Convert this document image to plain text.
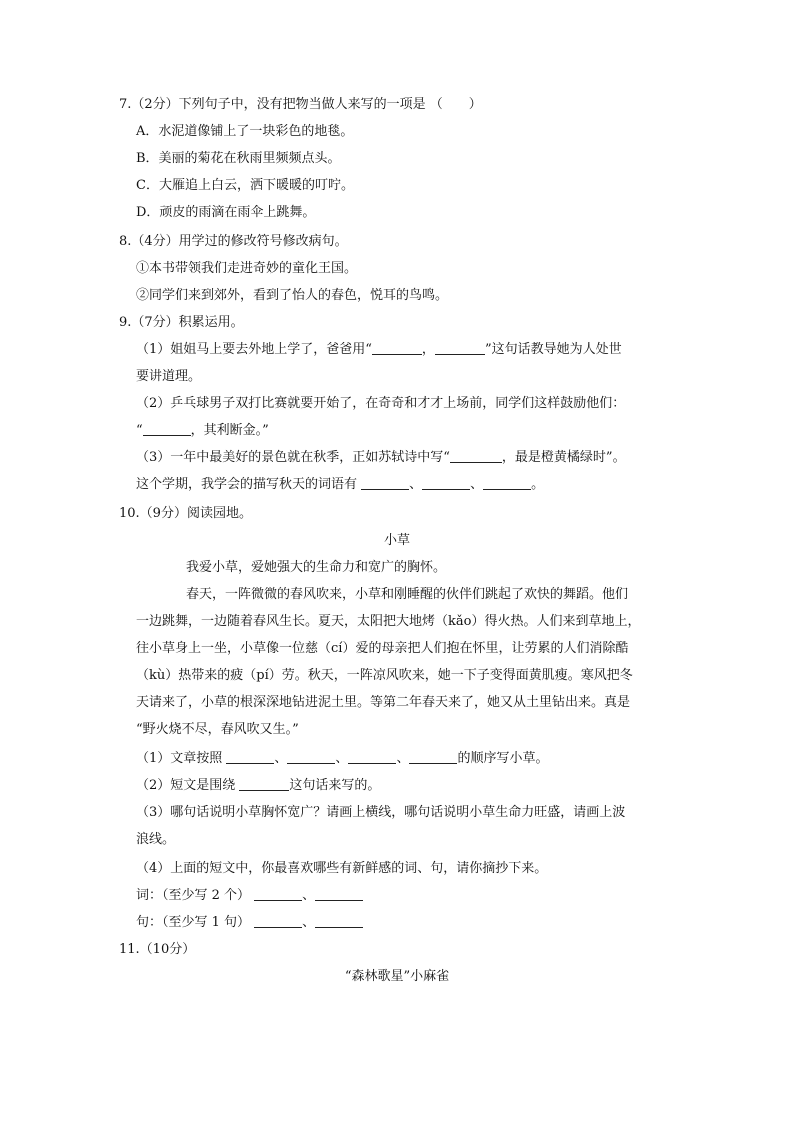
7.（2分）下列句子中，没有把物当做人来写的一项是 （　　）
A．水泥道像铺上了一块彩色的地毯。
B．美丽的菊花在秋雨里频频点头。
C．大雁追上白云，洒下暖暖的叮咛。
D．顽皮的雨滴在雨伞上跳舞。
8.（4分）用学过的修改符号修改病句。
①本书带领我们走进奇妙的童化王国。
②同学们来到郊外，看到了怡人的春色，悦耳的鸟鸣。
9.（7分）积累运用。
（1）姐姐马上要去外地上学了，爸爸用“	，	”这句话教导她为人处世
要讲道理。
（2）乒乓球男子双打比赛就要开始了，在奇奇和才才上场前，同学们这样鼓励他们：
“	，其利断金。”
（3）一年中最美好的景色就在秋季，正如苏轼诗中写“	，最是橙黄橘绿时”。
这个学期，我学会的描写秋天的词语有	、	、	。
10.（9分）阅读园地。
小草
我爱小草，爱她强大的生命力和宽广的胸怀。
春天，一阵微微的春风吹来，小草和刚睡醒的伙伴们跳起了欢快的舞蹈。他们
一边跳舞，一边随着春风生长。夏天，太阳把大地烤（kǎo）得火热。人们来到草地上，
往小草身上一坐，小草像一位慈（cí）爱的母亲把人们抱在怀里，让劳累的人们消除酷
（kù）热带来的疲（pí）劳。秋天，一阵凉风吹来，她一下子变得面黄肌瘦。寒风把冬
天请来了，小草的根深深地钻进泥土里。等第二年春天来了，她又从土里钻出来。真是
“野火烧不尽，春风吹又生。”
（1）文章按照	、	、	、	的顺序写小草。
（2）短文是围绕	这句话来写的。
（3）哪句话说明小草胸怀宽广？请画上横线，哪句话说明小草生命力旺盛，请画上波
浪线。
（4）上面的短文中，你最喜欢哪些有新鲜感的词、句，请你摘抄下来。
词：（至少写 2 个）	、
句：（至少写 1 句）	、
11.（10分）
“森林歌星”小麻雀
